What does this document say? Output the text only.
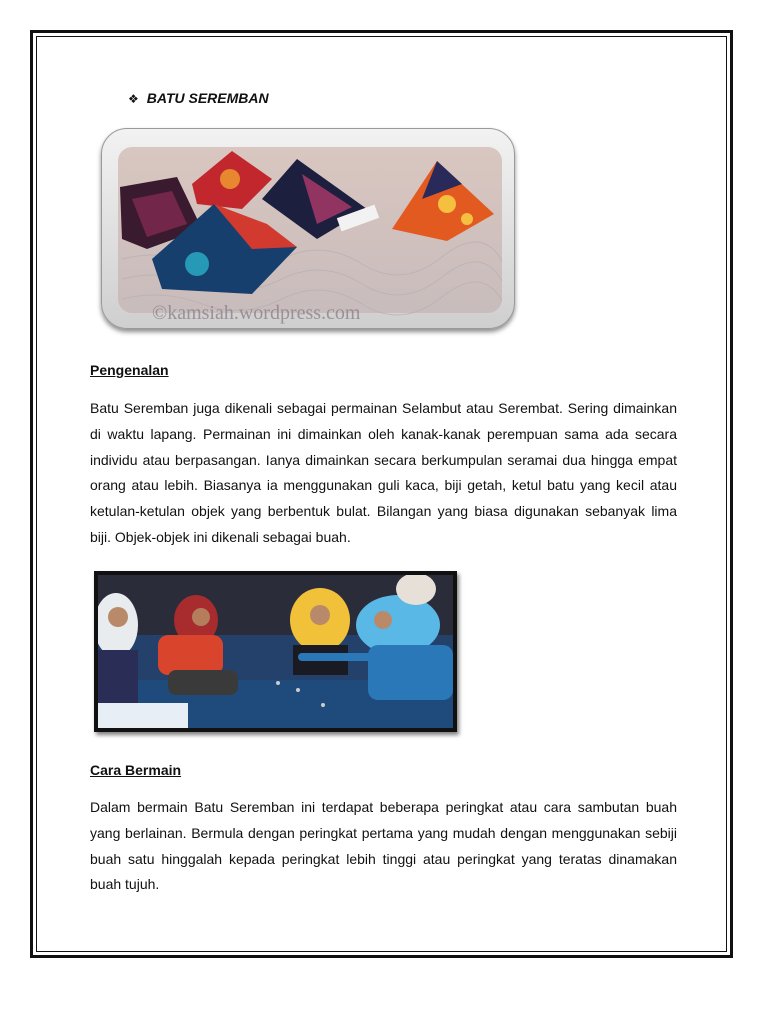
❖ BATU SEREMBAN
©kamsiah.wordpress.com
Pengenalan

Batu Seremban juga dikenali sebagai permainan Selambut atau Serembat. Sering dimainkan di waktu lapang. Permainan ini dimainkan oleh kanak-kanak perempuan sama ada secara individu atau berpasangan. Ianya dimainkan secara berkumpulan seramai dua hingga empat orang atau lebih. Biasanya ia menggunakan guli kaca, biji getah, ketul batu yang kecil atau ketulan-ketulan objek yang berbentuk bulat. Bilangan yang biasa digunakan sebanyak lima biji. Objek-objek ini dikenali sebagai buah.

Cara Bermain

Dalam bermain Batu Seremban ini terdapat beberapa peringkat atau cara sambutan buah yang berlainan. Bermula dengan peringkat pertama yang mudah dengan menggunakan sebiji buah satu hinggalah kepada peringkat lebih tinggi atau peringkat yang teratas dinamakan buah tujuh.
